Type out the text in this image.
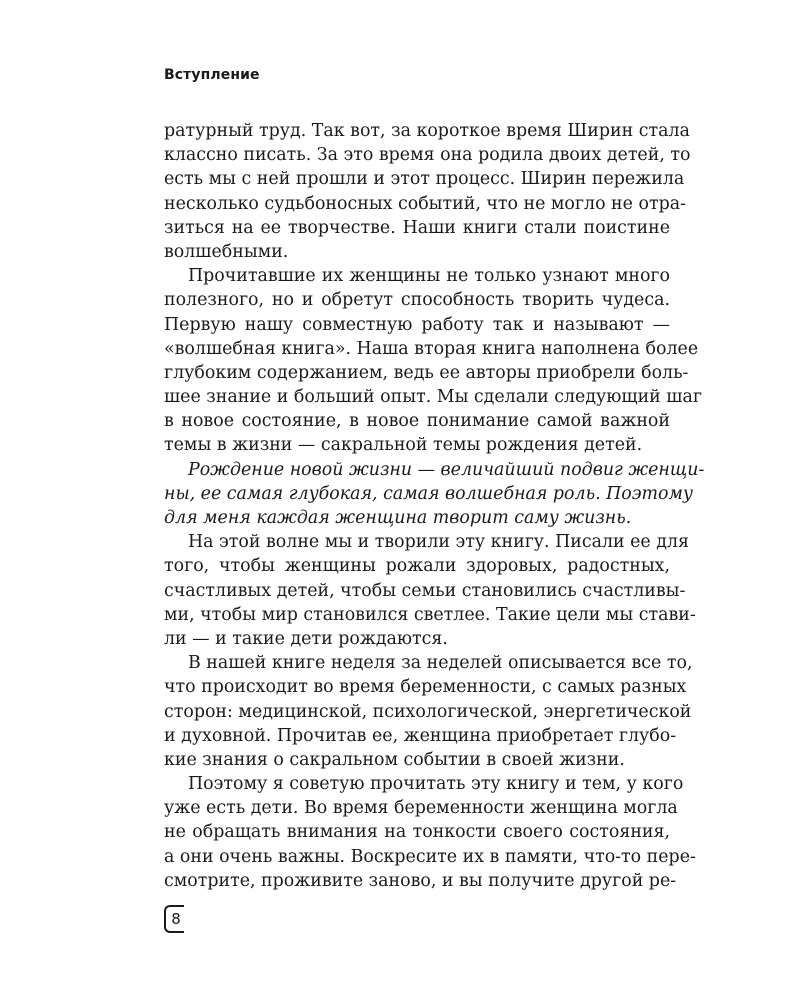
Вступление
ратурный труд. Так вот, за короткое время Ширин стала
классно писать. За это время она родила двоих детей, то
есть мы с ней прошли и этот процесс. Ширин пережила
несколько судьбоносных событий, что не могло не отра-
зиться на ее творчестве. Наши книги стали поистине
волшебными.
Прочитавшие их женщины не только узнают много
полезного, но и обретут способность творить чудеса.
Первую нашу совместную работу так и называют —
«волшебная книга». Наша вторая книга наполнена более
глубоким содержанием, ведь ее авторы приобрели боль-
шее знание и больший опыт. Мы сделали следующий шаг
в новое состояние, в новое понимание самой важной
темы в жизни — сакральной темы рождения детей.
Рождение новой жизни — величайший подвиг женщи-
ны, ее самая глубокая, самая волшебная роль. Поэтому
для меня каждая женщина творит саму жизнь.
На этой волне мы и творили эту книгу. Писали ее для
того, чтобы женщины рожали здоровых, радостных,
счастливых детей, чтобы семьи становились счастливы-
ми, чтобы мир становился светлее. Такие цели мы стави-
ли — и такие дети рождаются.
В нашей книге неделя за неделей описывается все то,
что происходит во время беременности, с самых разных
сторон: медицинской, психологической, энергетической
и духовной. Прочитав ее, женщина приобретает глубо-
кие знания о сакральном событии в своей жизни.
Поэтому я советую прочитать эту книгу и тем, у кого
уже есть дети. Во время беременности женщина могла
не обращать внимания на тонкости своего состояния,
а они очень важны. Воскресите их в памяти, что-то пере-
смотрите, проживите заново, и вы получите другой ре-
8
